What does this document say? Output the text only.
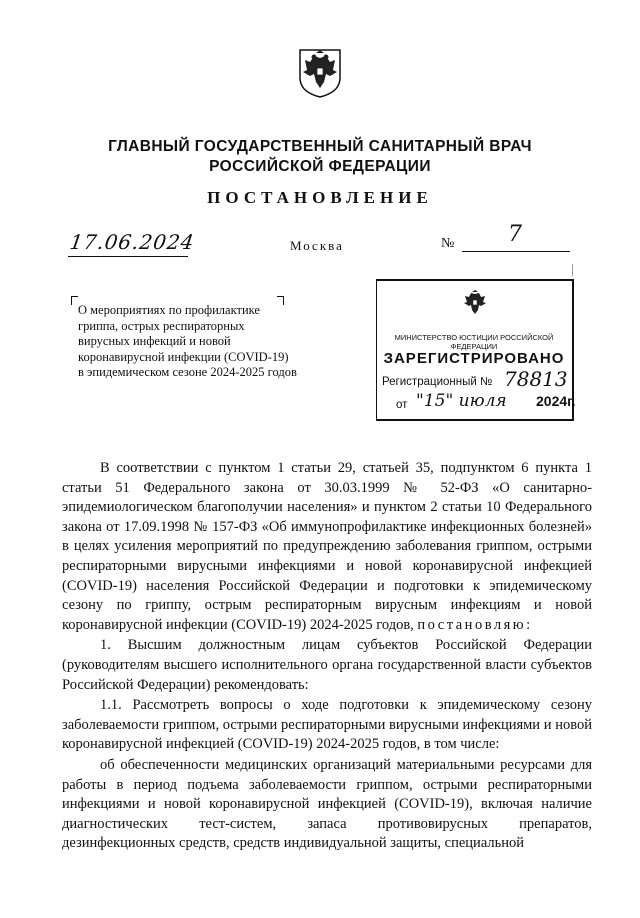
ГЛАВНЫЙ ГОСУДАРСТВЕННЫЙ САНИТАРНЫЙ ВРАЧ
РОССИЙСКОЙ ФЕДЕРАЦИИ
ПОСТАНОВЛЕНИЕ
17.06.2024	Москва	№ 7
О мероприятиях по профилактике
гриппа, острых респираторных
вирусных инфекций и новой
коронавирусной инфекции (COVID-19)
в эпидемическом сезоне 2024-2025 годов
МИНИСТЕРСТВО ЮСТИЦИИ РОССИЙСКОЙ ФЕДЕРАЦИИ
ЗАРЕГИСТРИРОВАНО
Регистрационный № 78813
от "15" июля 2024г.

В соответствии с пунктом 1 статьи 29, статьей 35, подпунктом 6 пункта 1 статьи 51 Федерального закона от 30.03.1999 № 52-ФЗ «О санитарно-эпидемиологическом благополучии населения» и пунктом 2 статьи 10 Федерального закона от 17.09.1998 № 157-ФЗ «Об иммунопрофилактике инфекционных болезней» в целях усиления мероприятий по предупреждению заболевания гриппом, острыми респираторными вирусными инфекциями и новой коронавирусной инфекцией (COVID-19) населения Российской Федерации и подготовки к эпидемическому сезону по гриппу, острым респираторным вирусным инфекциям и новой коронавирусной инфекции (COVID-19) 2024-2025 годов, постановляю:

1. Высшим должностным лицам субъектов Российской Федерации (руководителям высшего исполнительного органа государственной власти субъектов Российской Федерации) рекомендовать:

1.1. Рассмотреть вопросы о ходе подготовки к эпидемическому сезону заболеваемости гриппом, острыми респираторными вирусными инфекциями и новой коронавирусной инфекцией (COVID-19) 2024-2025 годов, в том числе:

об обеспеченности медицинских организаций материальными ресурсами для работы в период подъема заболеваемости гриппом, острыми респираторными инфекциями и новой коронавирусной инфекцией (COVID-19), включая наличие диагностических тест-систем, запаса противовирусных препаратов, дезинфекционных средств, средств индивидуальной защиты, специальной
